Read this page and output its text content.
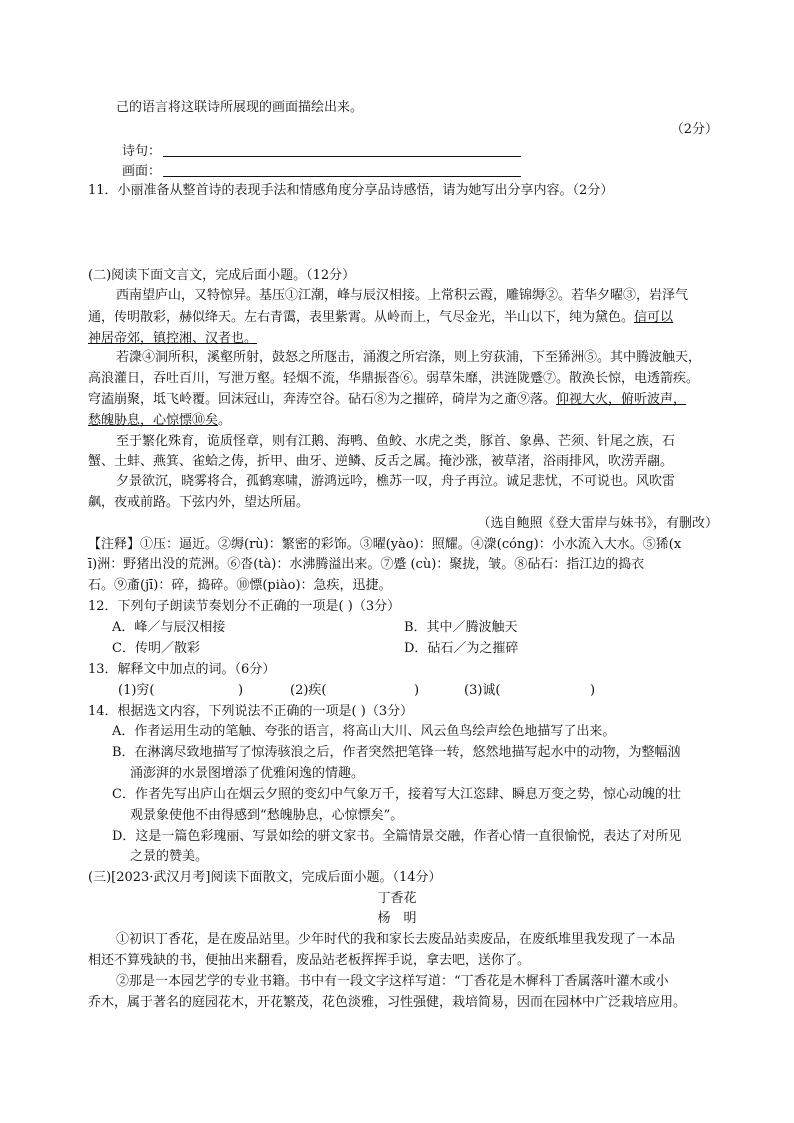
己的语言将这联诗所展现的画面描绘出来。
（2分）
诗句：
画面：
11．小丽准备从整首诗的表现手法和情感角度分享品诗感悟，请为她写出分享内容。（2分）
(二)阅读下面文言文，完成后面小题。（12分）
西南望庐山，又特惊异。基压①江潮，峰与辰汉相接。上常积云霞，雕锦缛②。若华夕曜③，岩泽气
通，传明散彩，赫似绛天。左右青霭，表里紫霄。从岭而上，气尽金光，半山以下，纯为黛色。信可以
神居帝郊，镇控湘、汉者也。
若潨④洞所积，溪壑所射，鼓怒之所豗击，涌澓之所宕涤，则上穷荻浦，下至狶洲⑤。其中腾波触天，
高浪灌日，吞吐百川，写泄万壑。轻烟不流，华鼎振沓⑥。弱草朱靡，洪涟陇蹙⑦。散涣长惊，电透箭疾。
穹溘崩聚，坻飞岭覆。回沫冠山，奔涛空谷。砧石⑧为之摧碎，碕岸为之齑⑨落。仰视大火，俯听波声，
愁魄胁息，心惊慓⑩矣。
至于繁化殊育，诡质怪章，则有江鹅、海鸭、鱼鲛、水虎之类，豚首、象鼻、芒须、针尾之族，石
蟹、土蚌、燕箕、雀蛤之俦，折甲、曲牙、逆鳞、反舌之属。掩沙涨，被草渚，浴雨排风，吹涝弄翮。
夕景欲沉，晓雾将合，孤鹤寒啸，游鸿远吟，樵苏一叹，舟子再泣。诚足悲忧，不可说也。风吹雷
飙，夜戒前路。下弦内外，望达所届。
（选自鲍照《登大雷岸与妹书》，有删改）
【注释】①压：逼近。②缛(rù)：繁密的彩饰。③曜(yào)：照耀。④潨(cóng)：小水流入大水。⑤狶(x
ī)洲：野猪出没的荒洲。⑥沓(tà)：水沸腾溢出来。⑦蹙 (cù)：聚拢，皱。⑧砧石：指江边的捣衣
石。⑨齑(jī)：碎，捣碎。⑩慓(piào)：急疾，迅捷。
12．下列句子朗读节奏划分不正确的一项是( )（3分）
A．峰／与辰汉相接	B．其中／腾波触天
C．传明／散彩	D．砧石／为之摧碎
13．解释文中加点的词。（6分）
(1)穷(	)	(2)疾(	)	(3)诚(	)
14．根据选文内容，下列说法不正确的一项是( )（3分）
A．作者运用生动的笔触、夸张的语言，将高山大川、风云鱼鸟绘声绘色地描写了出来。
B．在淋漓尽致地描写了惊涛骇浪之后，作者突然把笔锋一转，悠然地描写起水中的动物，为整幅汹
涌澎湃的水景图增添了优雅闲逸的情趣。
C．作者先写出庐山在烟云夕照的变幻中气象万千，接着写大江恣肆、瞬息万变之势，惊心动魄的壮
观景象使他不由得感到“愁魄胁息，心惊慓矣”。
D．这是一篇色彩瑰丽、写景如绘的骈文家书。全篇情景交融，作者心情一直很愉悦，表达了对所见
之景的赞美。
(三)[2023·武汉月考]阅读下面散文，完成后面小题。（14分）
丁香花
杨　明
①初识丁香花，是在废品站里。少年时代的我和家长去废品站卖废品，在废纸堆里我发现了一本品
相还不算残缺的书，便抽出来翻看，废品站老板挥挥手说，拿去吧，送你了。
②那是一本园艺学的专业书籍。书中有一段文字这样写道：“丁香花是木樨科丁香属落叶灌木或小
乔木，属于著名的庭园花木，开花繁茂，花色淡雅，习性强健，栽培简易，因而在园林中广泛栽培应用。
